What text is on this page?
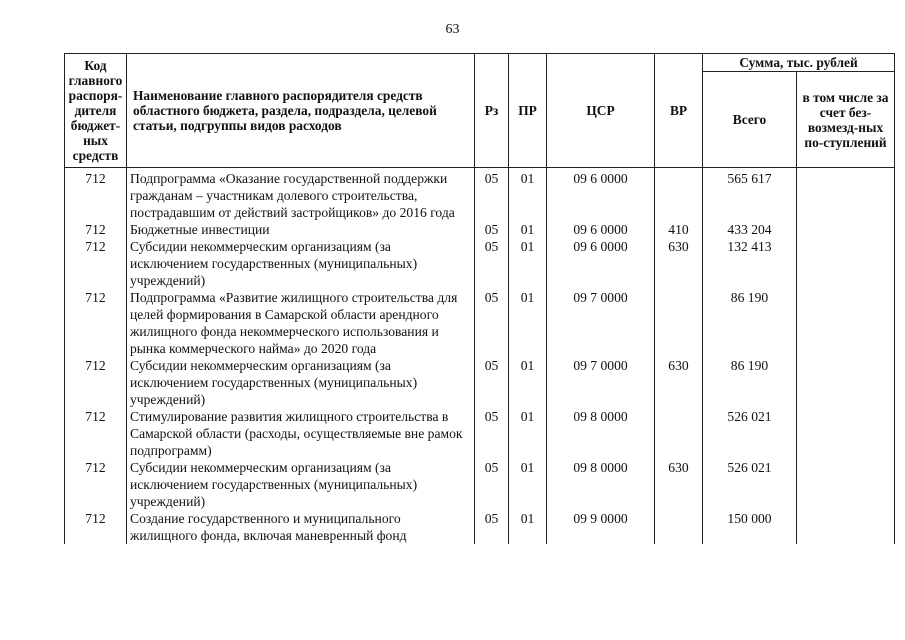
63
Код главного распоря-дителя бюджет-ных средств	Наименование главного распорядителя средств областного бюджета, раздела, подраздела, целевой статьи, подгруппы видов расходов	Рз	ПР	ЦСР	ВР	Сумма, тыс. рублей	
						Всего	в том числе за счет без-возмезд-ных по-ступлений
712	Подпрограмма «Оказание государственной поддержки гражданам – участникам долевого строительства, пострадавшим от действий застройщиков» до 2016 года	05	01	09 6 0000		565 617	
712	Бюджетные инвестиции	05	01	09 6 0000	410	433 204	
712	Субсидии некоммерческим организациям (за исключением государственных (муниципальных) учреждений)	05	01	09 6 0000	630	132 413	
712	Подпрограмма «Развитие жилищного строительства для целей формирования в Самарской области арендного жилищного фонда некоммерческого использования и рынка коммерческого найма» до 2020 года	05	01	09 7 0000		86 190	
712	Субсидии некоммерческим организациям (за исключением государственных (муниципальных) учреждений)	05	01	09 7 0000	630	86 190	
712	Стимулирование развития жилищного строительства в Самарской области (расходы, осуществляемые вне рамок подпрограмм)	05	01	09 8 0000		526 021	
712	Субсидии некоммерческим организациям (за исключением государственных (муниципальных) учреждений)	05	01	09 8 0000	630	526 021	
712	Создание государственного и муниципального жилищного фонда, включая маневренный фонд	05	01	09 9 0000		150 000	
